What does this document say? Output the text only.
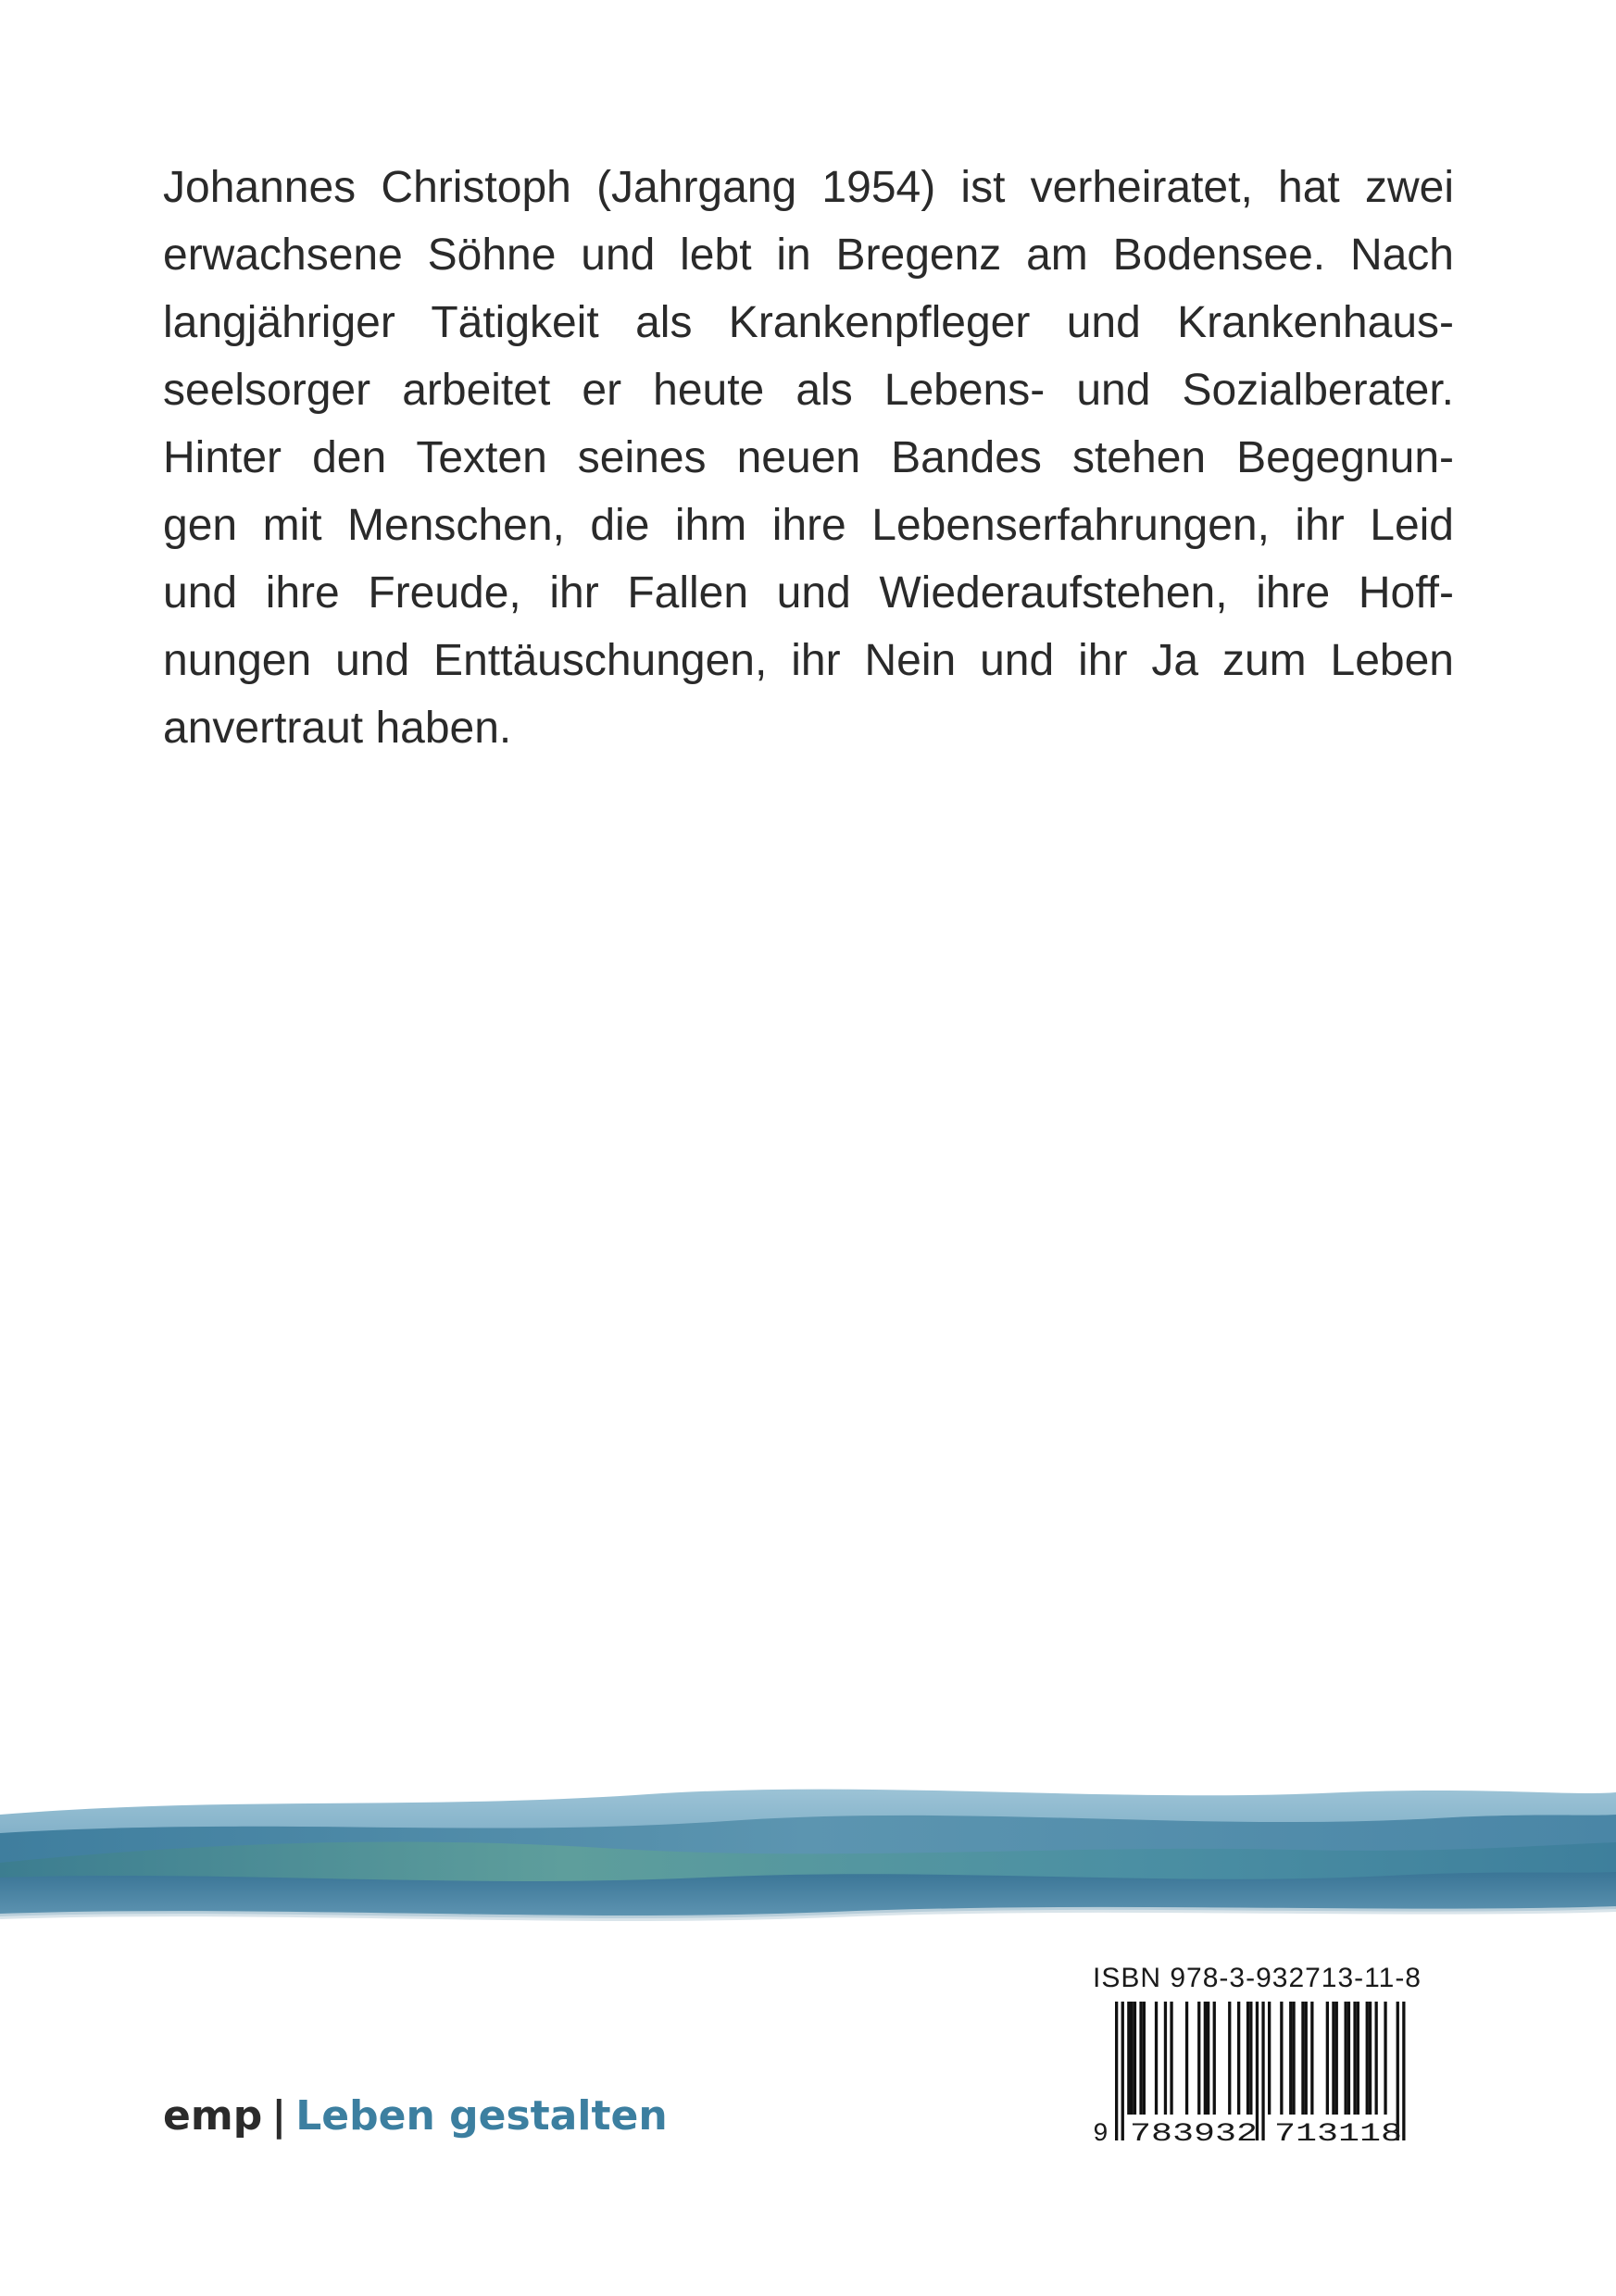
Johannes Christoph (Jahrgang 1954) ist verheiratet, hat zwei
erwachsene Söhne und lebt in Bregenz am Bodensee. Nach
langjähriger Tätigkeit als Krankenpfleger und Krankenhaus-
seelsorger arbeitet er heute als Lebens- und Sozialberater.
Hinter den Texten seines neuen Bandes stehen Begegnun-
gen mit Menschen, die ihm ihre Lebenserfahrungen, ihr Leid
und ihre Freude, ihr Fallen und Wiederaufstehen, ihre Hoff-
nungen und Enttäuschungen, ihr Nein und ihr Ja zum Leben
anvertraut haben.
emp | Leben gestalten
ISBN 978-3-932713-11-8
9 783932 713118
